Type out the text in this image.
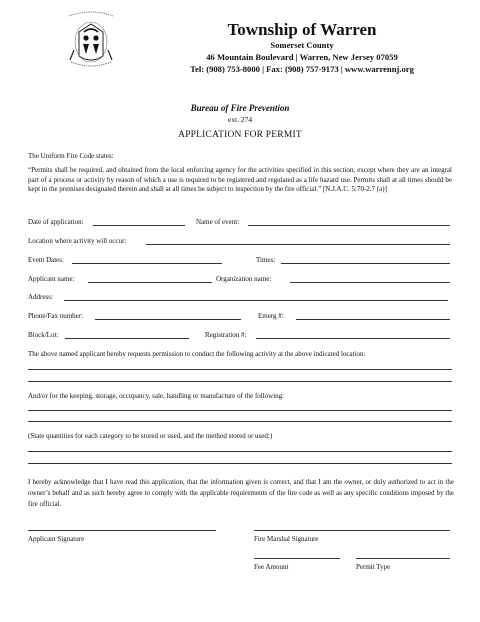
Township of Warren
Somerset County
46 Mountain Boulevard | Warren, New Jersey 07059
Tel: (908) 753-8000 | Fax: (908) 757-9173 | www.warrennj.org
Bureau of Fire Prevention
ext. 274
APPLICATION FOR PERMIT
The Uniform Fire Code states:
“Permits shall be required, and obtained from the local enforcing agency for the activities specified in this section, except where they are an integral part of a process or activity by reason of which a use is required to be registered and regulated as a life hazard use. Permits shall at all times should be kept in the premises designated therein and shall at all times be subject to inspection by the fire official.” [N.J.A.C. 5:70-2.7 (a)]
Date of application:	Name of event:
Location where activity will occur:
Event Dates:	Times:
Applicant name:	Organization name:
Address:
Phone/Fax number:	Emerg #:
Block/Lot:	Registration #:
The above named applicant hereby requests permission to conduct the following activity at the above indicated location:
And/or for the keeping, storage, occupancy, sale, handling or manufacture of the following:
(State quantities for each category to be stored or used, and the method stored or used:)
I hereby acknowledge that I have read this application, that the information given is correct, and that I am the owner, or duly authorized to act in the owner’s behalf and as such hereby agree to comply with the applicable requirements of the fire code as well as any specific conditions imposed by the fire official.
Applicant Signature	Fire Marshal Signature
Fee Amount	Permit Type
